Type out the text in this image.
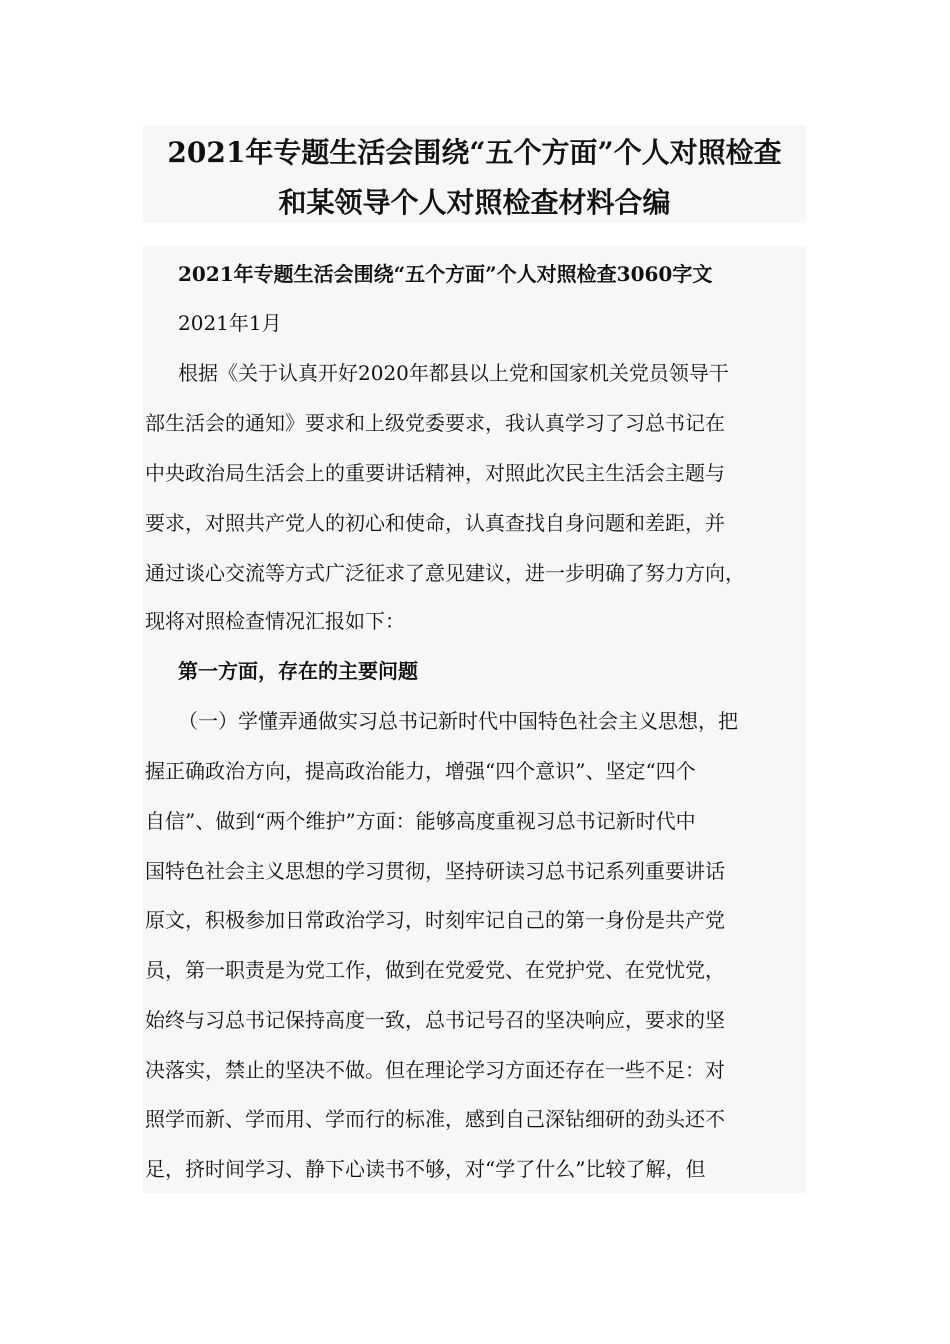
2021年专题生活会围绕“五个方面”个人对照检查
和某领导个人对照检查材料合编
2021年专题生活会围绕“五个方面”个人对照检查3060字文
2021年1月
根据《关于认真开好2020年都县以上党和国家机关党员领导干
部生活会的通知》要求和上级党委要求，我认真学习了习总书记在
中央政治局生活会上的重要讲话精神，对照此次民主生活会主题与
要求，对照共产党人的初心和使命，认真查找自身问题和差距，并
通过谈心交流等方式广泛征求了意见建议，进一步明确了努力方向，
现将对照检查情况汇报如下：
第一方面，存在的主要问题
（一）学懂弄通做实习总书记新时代中国特色社会主义思想，把
握正确政治方向，提高政治能力，增强“四个意识”、坚定“四个
自信”、做到“两个维护”方面：能够高度重视习总书记新时代中
国特色社会主义思想的学习贯彻，坚持研读习总书记系列重要讲话
原文，积极参加日常政治学习，时刻牢记自己的第一身份是共产党
员，第一职责是为党工作，做到在党爱党、在党护党、在党忧党，
始终与习总书记保持高度一致，总书记号召的坚决响应，要求的坚
决落实，禁止的坚决不做。但在理论学习方面还存在一些不足：对
照学而新、学而用、学而行的标准，感到自己深钻细研的劲头还不
足，挤时间学习、静下心读书不够，对“学了什么”比较了解，但
